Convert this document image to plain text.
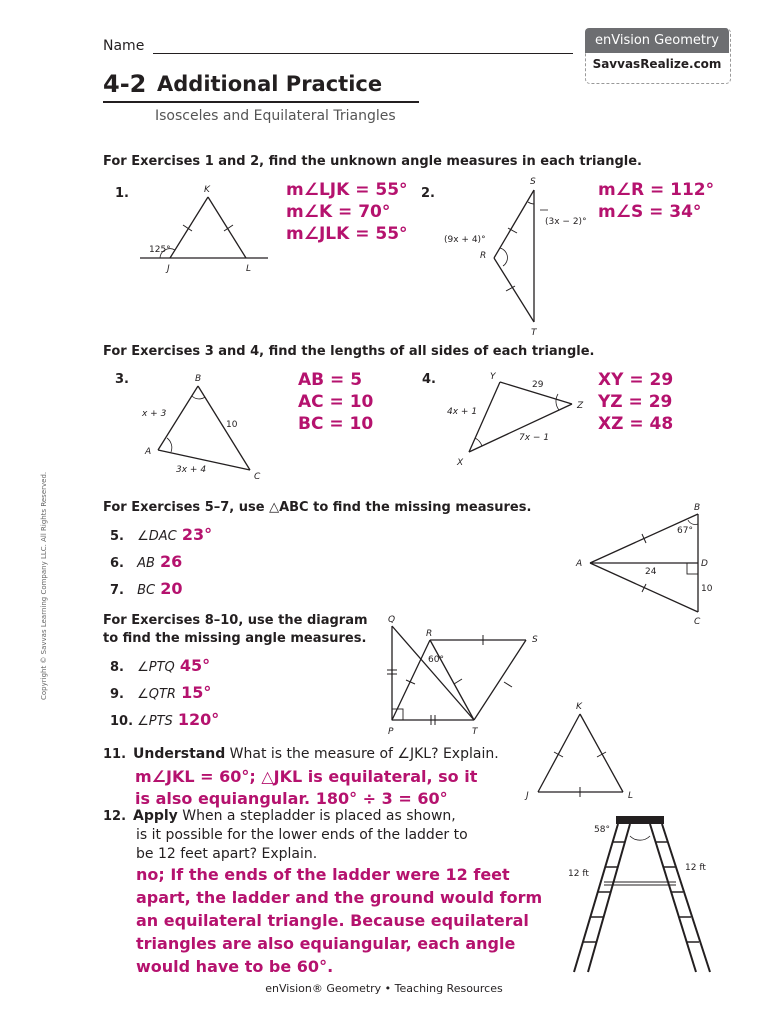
Name	enVision Geometry
SavvasRealize.com
4-2 Additional Practice
Isosceles and Equilateral Triangles
For Exercises 1 and 2, find the unknown angle measures in each triangle.
1.	K
J	L
125°
m∠LJK = 55°
m∠K = 70°
m∠JLK = 55°
2.
S
R
T
(3x − 2)°
(9x + 4)°
m∠R = 112°
m∠S = 34°
For Exercises 3 and 4, find the lengths of all sides of each triangle.
3.	B
A
C
x + 3
10
3x + 4
AB = 5
AC = 10
BC = 10
4.	Y
Z
X
29
4x + 1
7x − 1
XY = 29
YZ = 29
XZ = 48
For Exercises 5–7, use △ABC to find the missing measures.
5. ∠DAC 23°
6. AB 26
7. BC 20
B
A	D
C
67°
24
10
For Exercises 8–10, use the diagram
to find the missing angle measures.
8. ∠PTQ 45°
9. ∠QTR 15°
10. ∠PTS 120°
Q
R
S
P	T
60°
11. Understand What is the measure of ∠JKL? Explain.
m∠JKL = 60°; △JKL is equilateral, so it
is also equiangular. 180° ÷ 3 = 60°
K
J	L
12. Apply When a stepladder is placed as shown,
is it possible for the lower ends of the ladder to
be 12 feet apart? Explain.
no; If the ends of the ladder were 12 feet
apart, the ladder and the ground would form
an equilateral triangle. Because equilateral
triangles are also equiangular, each angle
would have to be 60°.
58°
12 ft
12 ft
Copyright © Savvas Learning Company LLC. All Rights Reserved.
enVision® Geometry • Teaching Resources
